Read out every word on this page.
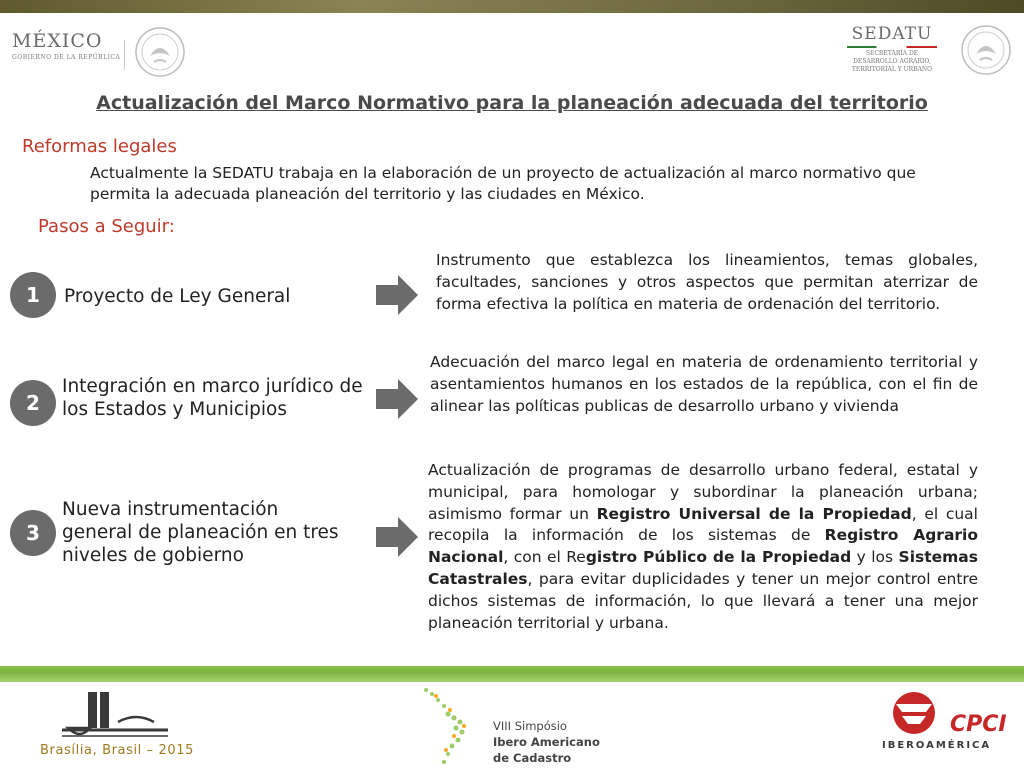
MÉXICO
GOBIERNO DE LA REPÚBLICA
SEDATU
SECRETARÍA DE
DESARROLLO AGRARIO,
TERRITORIAL Y URBANO
Actualización del Marco Normativo para la planeación adecuada del territorio
Reformas legales
Actualmente la SEDATU trabaja en la elaboración de un proyecto de actualización al marco normativo que permita la adecuada planeación del territorio y las ciudades en México.
Pasos a Seguir:
1	Proyecto de Ley General
Instrumento que establezca los lineamientos, temas globales, facultades, sanciones y otros aspectos que permitan aterrizar de forma efectiva la política en materia de ordenación del territorio.
2
Integración en marco jurídico de los Estados y Municipios
Adecuación del marco legal en materia de ordenamiento territorial y asentamientos humanos en los estados de la república, con el fin de alinear las políticas publicas de desarrollo urbano y vivienda
3
Nueva instrumentación general de planeación en tres niveles de gobierno
Actualización de programas de desarrollo urbano federal, estatal y municipal, para homologar y subordinar la planeación urbana; asimismo formar un Registro Universal de la Propiedad, el cual recopila la información de los sistemas de Registro Agrario Nacional, con el Registro Público de la Propiedad y los Sistemas Catastrales, para evitar duplicidades y tener un mejor control entre dichos sistemas de información, lo que llevará a tener una mejor planeación territorial y urbana.
Brasília, Brasil – 2015
VIII Simpósio
Ibero Americano
de Cadastro
CPCI
IBEROAMÉRICA
